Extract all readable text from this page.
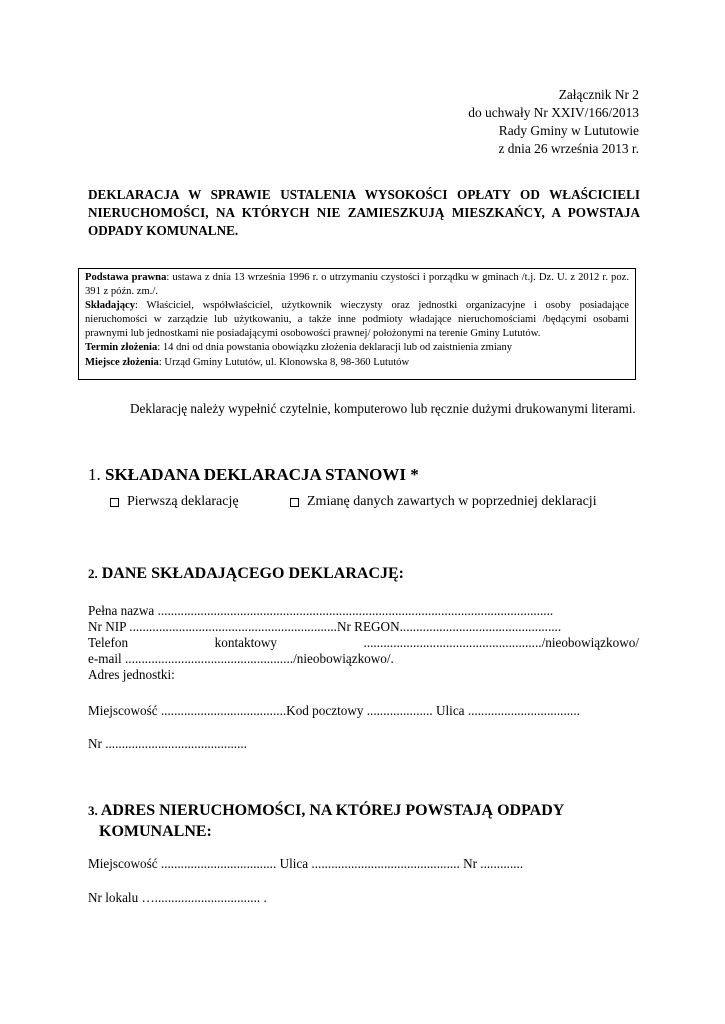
Załącznik Nr 2
do uchwały Nr XXIV/166/2013
Rady Gminy w Lututowie
z dnia 26 września 2013 r.
DEKLARACJA W SPRAWIE USTALENIA WYSOKOŚCI OPŁATY OD WŁAŚCICIELI NIERUCHOMOŚCI, NA KTÓRYCH NIE ZAMIESZKUJĄ MIESZKAŃCY, A POWSTAJA ODPADY KOMUNALNE.

Podstawa prawna: ustawa z dnia 13 września 1996 r. o utrzymaniu czystości i porządku w gminach /t.j. Dz. U. z 2012 r. poz. 391 z późn. zm./.

Składający: Właściciel, współwłaściciel, użytkownik wieczysty oraz jednostki organizacyjne i osoby posiadające nieruchomości w zarządzie lub użytkowaniu, a także inne podmioty władające nieruchomościami /będącymi osobami prawnymi lub jednostkami nie posiadającymi osobowości prawnej/ położonymi na terenie Gminy Lututów.

Termin złożenia: 14 dni od dnia powstania obowiązku złożenia deklaracji lub od zaistnienia zmiany

Miejsce złożenia: Urząd Gminy Lututów, ul. Klonowska 8, 98-360 Lututów

Deklarację należy wypełnić czytelnie, komputerowo lub ręcznie dużymi drukowanymi literami.
1. SKŁADANA DEKLARACJA STANOWI *
Pierwszą deklarację	Zmianę danych zawartych w poprzedniej deklaracji
2. DANE SKŁADAJĄCEGO DEKLARACJĘ:
Pełna nazwa ........................................................................................................................
Nr NIP ...............................................................Nr REGON.................................................
Telefon	kontaktowy	....................................................../nieobowiązkowo/
e-mail .................................................../nieobowiązkowo/.
Adres jednostki:
Miejscowość ......................................Kod pocztowy .................... Ulica ..................................
Nr ...........................................
3. ADRES NIERUCHOMOŚCI, NA KTÓREJ POWSTAJĄ ODPADY
KOMUNALNE:
Miejscowość ................................... Ulica ............................................. Nr .............
Nr lokalu …................................ .
